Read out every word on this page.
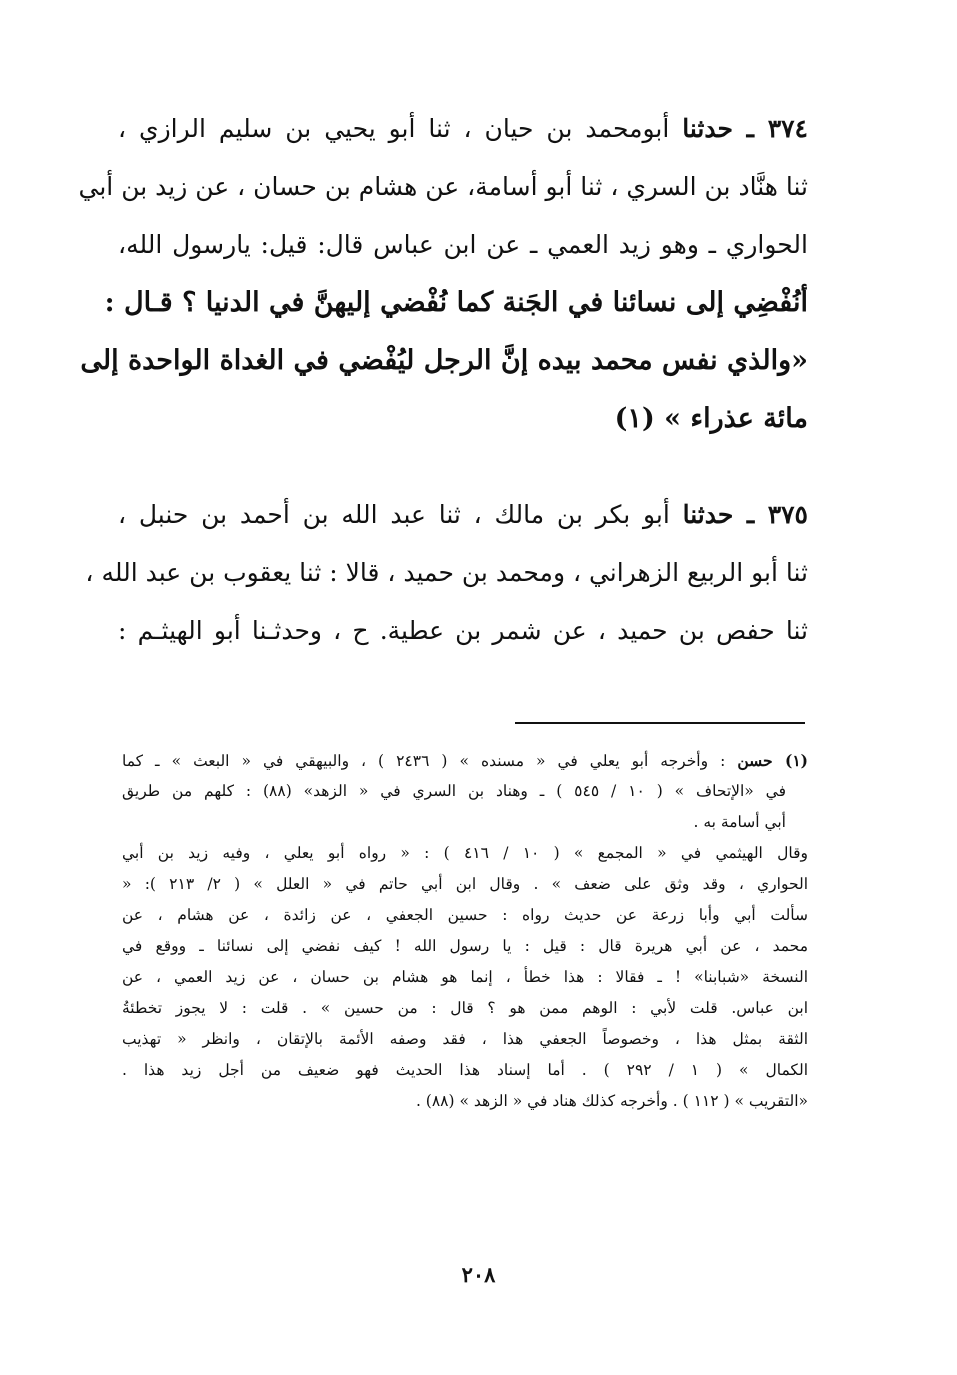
٣٧٤ ـ حدثنا أبومحمد بن حيان ، ثنا أبو يحيي بن سليم الرازي ،
ثنا هنَّاد بن السري ، ثنا أبو أسامة، عن هشام بن حسان ، عن زيد بن أبي
الحواري ـ وهو زيد العمي ـ عن ابن عباس قال: قيل: يارسول الله،
أنُفْضِي إلى نسائنا في الجَنة كما نُفْضي إليهنَّ في الدنيا ؟ قـال :
«والذي نفس محمد بيده إنَّ الرجل ليُفْضي في الغداة الواحدة إلى
مائة عذراء » (١)
٣٧٥ ـ حدثنا أبو بكر بن مالك ، ثنا عبد الله بن أحمد بن حنبل ،
ثنا أبو الربيع الزهراني ، ومحمد بن حميد ، قالا : ثنا يعقوب بن عبد الله ،
ثنا حفص بن حميد ، عن شمر بن عطية. ح ، وحدثـنا أبو الهيثـم :
(١) حسن : وأخرجه أبو يعلي في « مسنده » ( ٢٤٣٦ ) ، والبيهقي في « البعث » ـ كما
في «الإتحاف » ( ١٠ / ٥٤٥ ) ـ وهناد بن السري في « الزهد» (٨٨) : كلهم من طريق
أبي أسامة به .
وقال الهيثمي في « المجمع » ( ١٠ / ٤١٦ ) : « رواه أبو يعلي ، وفيه زيد بن أبي
الحواري ، وقد وثق على ضعف » . وقال ابن أبي حاتم في « العلل » ( ٢/ ٢١٣ ): «
سألت أبي وأبا زرعة عن حديث رواه : حسين الجعفي ، عن زائدة ، عن هشام ، عن
محمد ، عن أبي هريرة قال : قيل : يا رسول الله ! كيف نفضي إلى نسائنا ـ ووقع في
النسخة «شبابنا» ! ـ فقالا : هذا خطأ ، إنما هو هشام بن حسان ، عن زيد العمي ، عن
ابن عباس. قلت لأبي : الوهم ممن هو ؟ قال : من حسين » . قلت : لا يجوز تخطئةُ
الثقة بمثل هذا ، وخصوصاً الجعفي هذا ، فقد وصفه الأئمة بالإتقان ، وانظر « تهذيب
الكمال » ( ١ / ٢٩٢ ) . أما إسناد هذا الحديث فهو ضعيف من أجل زيد هذا .
«التقريب » ( ١١٢ ) . وأخرجه كذلك هناد في « الزهد » (٨٨) .
٢٠٨
